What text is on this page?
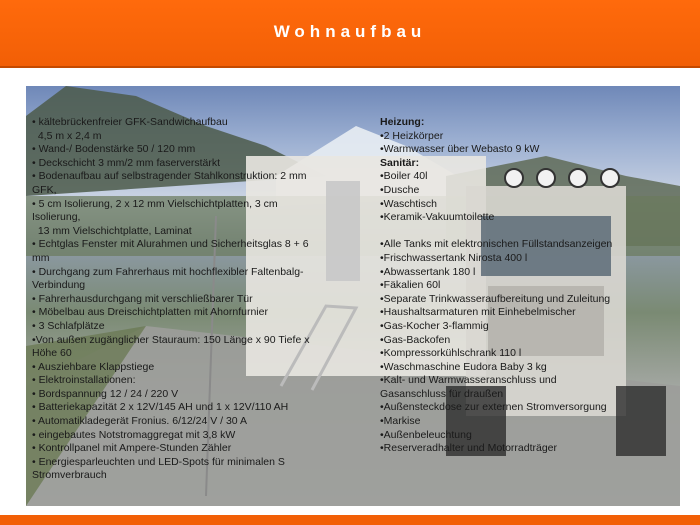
Wohnaufbau

• kältebrückenfreier GFK-Sandwichaufbau

4,5 m x 2,4 m

• Wand-/ Bodenstärke 50 / 120 mm

• Deckschicht 3 mm/2 mm faserverstärkt

• Bodenaufbau auf selbstragender Stahlkonstruktion: 2 mm

GFK,

• 5 cm Isolierung, 2 x 12 mm Vielschichtplatten, 3 cm

Isolierung,

13 mm Vielschichtplatte, Laminat

• Echtglas Fenster mit Alurahmen und Sicherheitsglas 8 + 6

mm

• Durchgang zum Fahrerhaus mit hochflexibler Faltenbalg-

Verbindung

• Fahrerhausdurchgang mit verschließbarer Tür

• Möbelbau aus Dreischichtplatten mit Ahornfurnier

• 3 Schlafplätze

•Von außen zugänglicher Stauraum: 150 Länge x 90 Tiefe x

Höhe 60

• Ausziehbare Klappstiege

• Elektroinstallationen:

• Bordspannung 12 / 24 / 220 V

• Batteriekapazität 2 x 12V/145 AH und 1 x 12V/110 AH

• Automatikladegerät Fronius. 6/12/24 V / 30 A

• eingebautes Notstromaggregat mit 3,8 kW

• Kontrollpanel mit Ampere-Stunden Zähler

• Energiesparleuchten und LED-Spots für minimalen S

Stromverbrauch

Heizung:

•2 Heizkörper

•Warmwasser über Webasto 9 kW

Sanitär:

•Boiler 40l

•Dusche

•Waschtisch

•Keramik-Vakuumtoilette

•Alle Tanks mit elektronischen Füllstandsanzeigen

•Frischwassertank Nirosta 400 l

•Abwassertank 180 l

•Fäkalien 60l

•Separate Trinkwasseraufbereitung und Zuleitung

•Haushaltsarmaturen mit Einhebelmischer

•Gas-Kocher 3-flammig

•Gas-Backofen

•Kompressorkühlschrank 110 l

•Waschmaschine Eudora Baby 3 kg

•Kalt- und Warmwasseranschluss und

Gasanschluss für draußen

•Außensteckdose zur externen Stromversorgung

•Markise

•Außenbeleuchtung

•Reserveradhalter und Motorradträger
